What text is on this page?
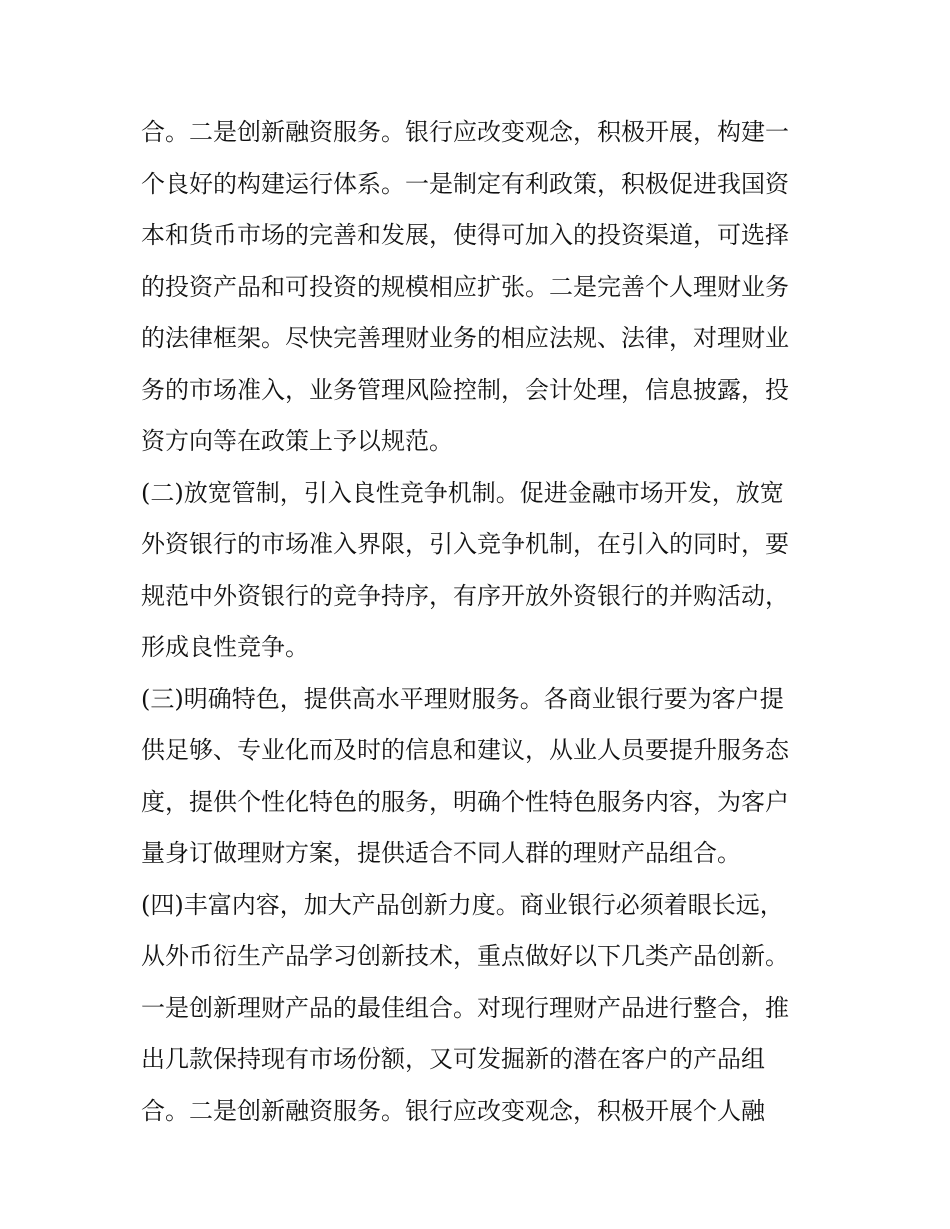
合。二是创新融资服务。银行应改变观念，积极开展，构建一
个良好的构建运行体系。一是制定有利政策，积极促进我国资
本和货币市场的完善和发展，使得可加入的投资渠道，可选择
的投资产品和可投资的规模相应扩张。二是完善个人理财业务
的法律框架。尽快完善理财业务的相应法规、法律，对理财业
务的市场准入，业务管理风险控制，会计处理，信息披露，投
资方向等在政策上予以规范。
(二)放宽管制，引入良性竞争机制。促进金融市场开发，放宽
外资银行的市场准入界限，引入竞争机制，在引入的同时，要
规范中外资银行的竞争持序，有序开放外资银行的并购活动，
形成良性竞争。
(三)明确特色，提供高水平理财服务。各商业银行要为客户提
供足够、专业化而及时的信息和建议，从业人员要提升服务态
度，提供个性化特色的服务，明确个性特色服务内容，为客户
量身订做理财方案，提供适合不同人群的理财产品组合。
(四)丰富内容，加大产品创新力度。商业银行必须着眼长远，
从外币衍生产品学习创新技术，重点做好以下几类产品创新。
一是创新理财产品的最佳组合。对现行理财产品进行整合，推
出几款保持现有市场份额，又可发掘新的潜在客户的产品组
合。二是创新融资服务。银行应改变观念，积极开展个人融
